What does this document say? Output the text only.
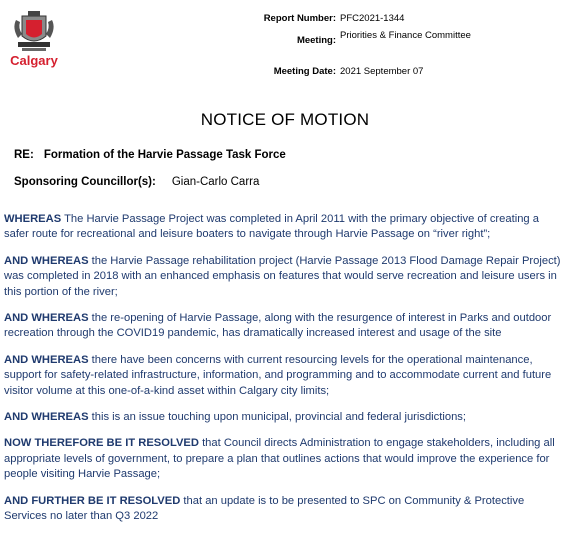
Calgary
Report Number: PFC2021-1344
Meeting: Priorities & Finance Committee
Meeting Date: 2021 September 07
NOTICE OF MOTION
RE: Formation of the Harvie Passage Task Force
Sponsoring Councillor(s): Gian-Carlo Carra

WHEREAS The Harvie Passage Project was completed in April 2011 with the primary objective of creating a safer route for recreational and leisure boaters to navigate through Harvie Passage on “river right”;

AND WHEREAS the Harvie Passage rehabilitation project (Harvie Passage 2013 Flood Damage Repair Project) was completed in 2018 with an enhanced emphasis on features that would serve recreation and leisure users in this portion of the river;

AND WHEREAS the re-opening of Harvie Passage, along with the resurgence of interest in Parks and outdoor recreation through the COVID19 pandemic, has dramatically increased interest and usage of the site

AND WHEREAS there have been concerns with current resourcing levels for the operational maintenance, support for safety-related infrastructure, information, and programming and to accommodate current and future visitor volume at this one-of-a-kind asset within Calgary city limits;

AND WHEREAS this is an issue touching upon municipal, provincial and federal jurisdictions;

NOW THEREFORE BE IT RESOLVED that Council directs Administration to engage stakeholders, including all appropriate levels of government, to prepare a plan that outlines actions that would improve the experience for people visiting Harvie Passage;

AND FURTHER BE IT RESOLVED that an update is to be presented to SPC on Community & Protective Services no later than Q3 2022
